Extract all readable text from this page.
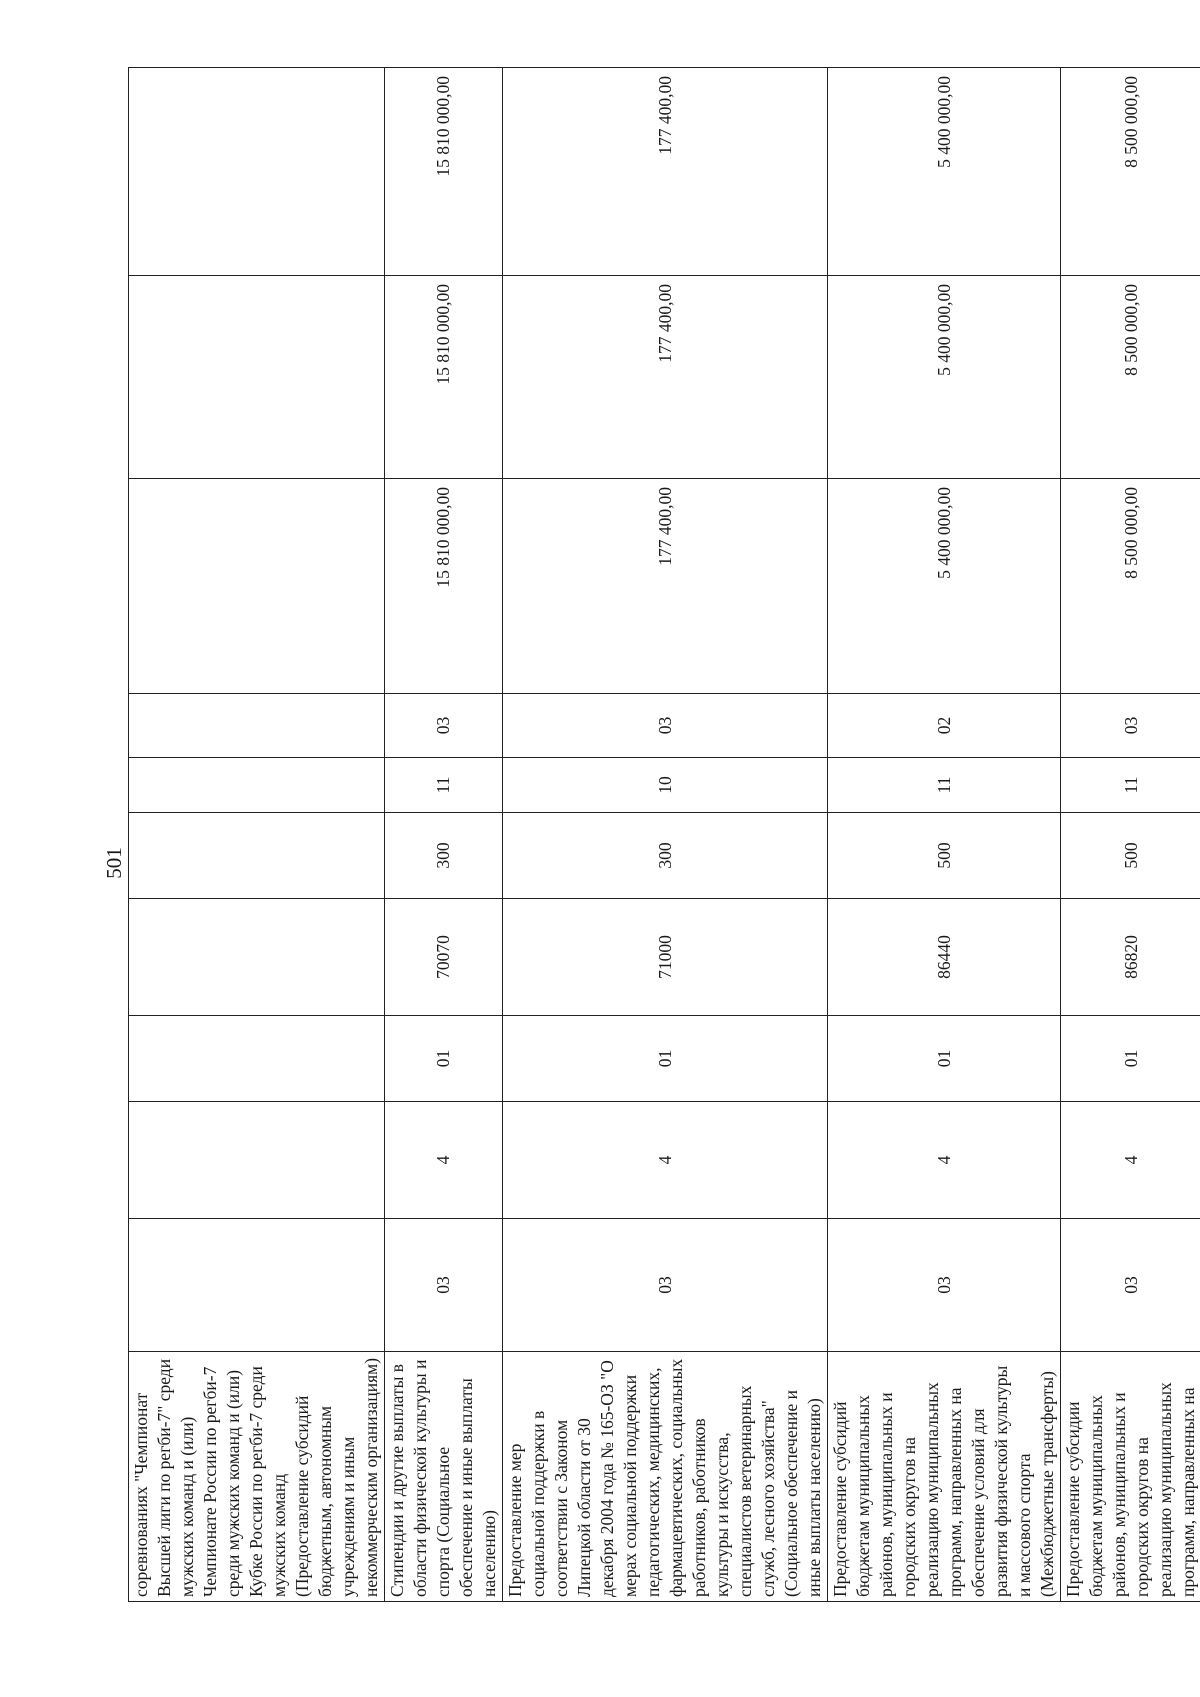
501
соревнованиях "Чемпионат Высшей лиги по регби-7" среди мужских команд и (или) Чемпионате России по регби-7 среди мужских команд и (или) Кубке России по регби-7 среди мужских команд (Предоставление субсидий бюджетным, автономным учреждениям и иным некоммерческим организациям)										
Стипендии и другие выплаты в области физической культуры и спорта (Социальное обеспечение и иные выплаты населению)	03	4	01	70070	300	11	03	15 810 000,00	15 810 000,00	15 810 000,00
Предоставление мер социальной поддержки в соответствии с Законом Липецкой области от 30 декабря 2004 года № 165-ОЗ "О мерах социальной поддержки педагогических, медицинских, фармацевтических, социальных работников, работников культуры и искусства, специалистов ветеринарных служб, лесного хозяйства" (Социальное обеспечение и иные выплаты населению)	03	4	01	71000	300	10	03	177 400,00	177 400,00	177 400,00
Предоставление субсидий бюджетам муниципальных районов, муниципальных и городских округов на реализацию муниципальных программ, направленных на обеспечение условий для развития физической культуры и массового спорта (Межбюджетные трансферты)	03	4	01	86440	500	11	02	5 400 000,00	5 400 000,00	5 400 000,00
Предоставление субсидии бюджетам муниципальных районов, муниципальных и городских округов на реализацию муниципальных программ, направленных на	03	4	01	86820	500	11	03	8 500 000,00	8 500 000,00	8 500 000,00
